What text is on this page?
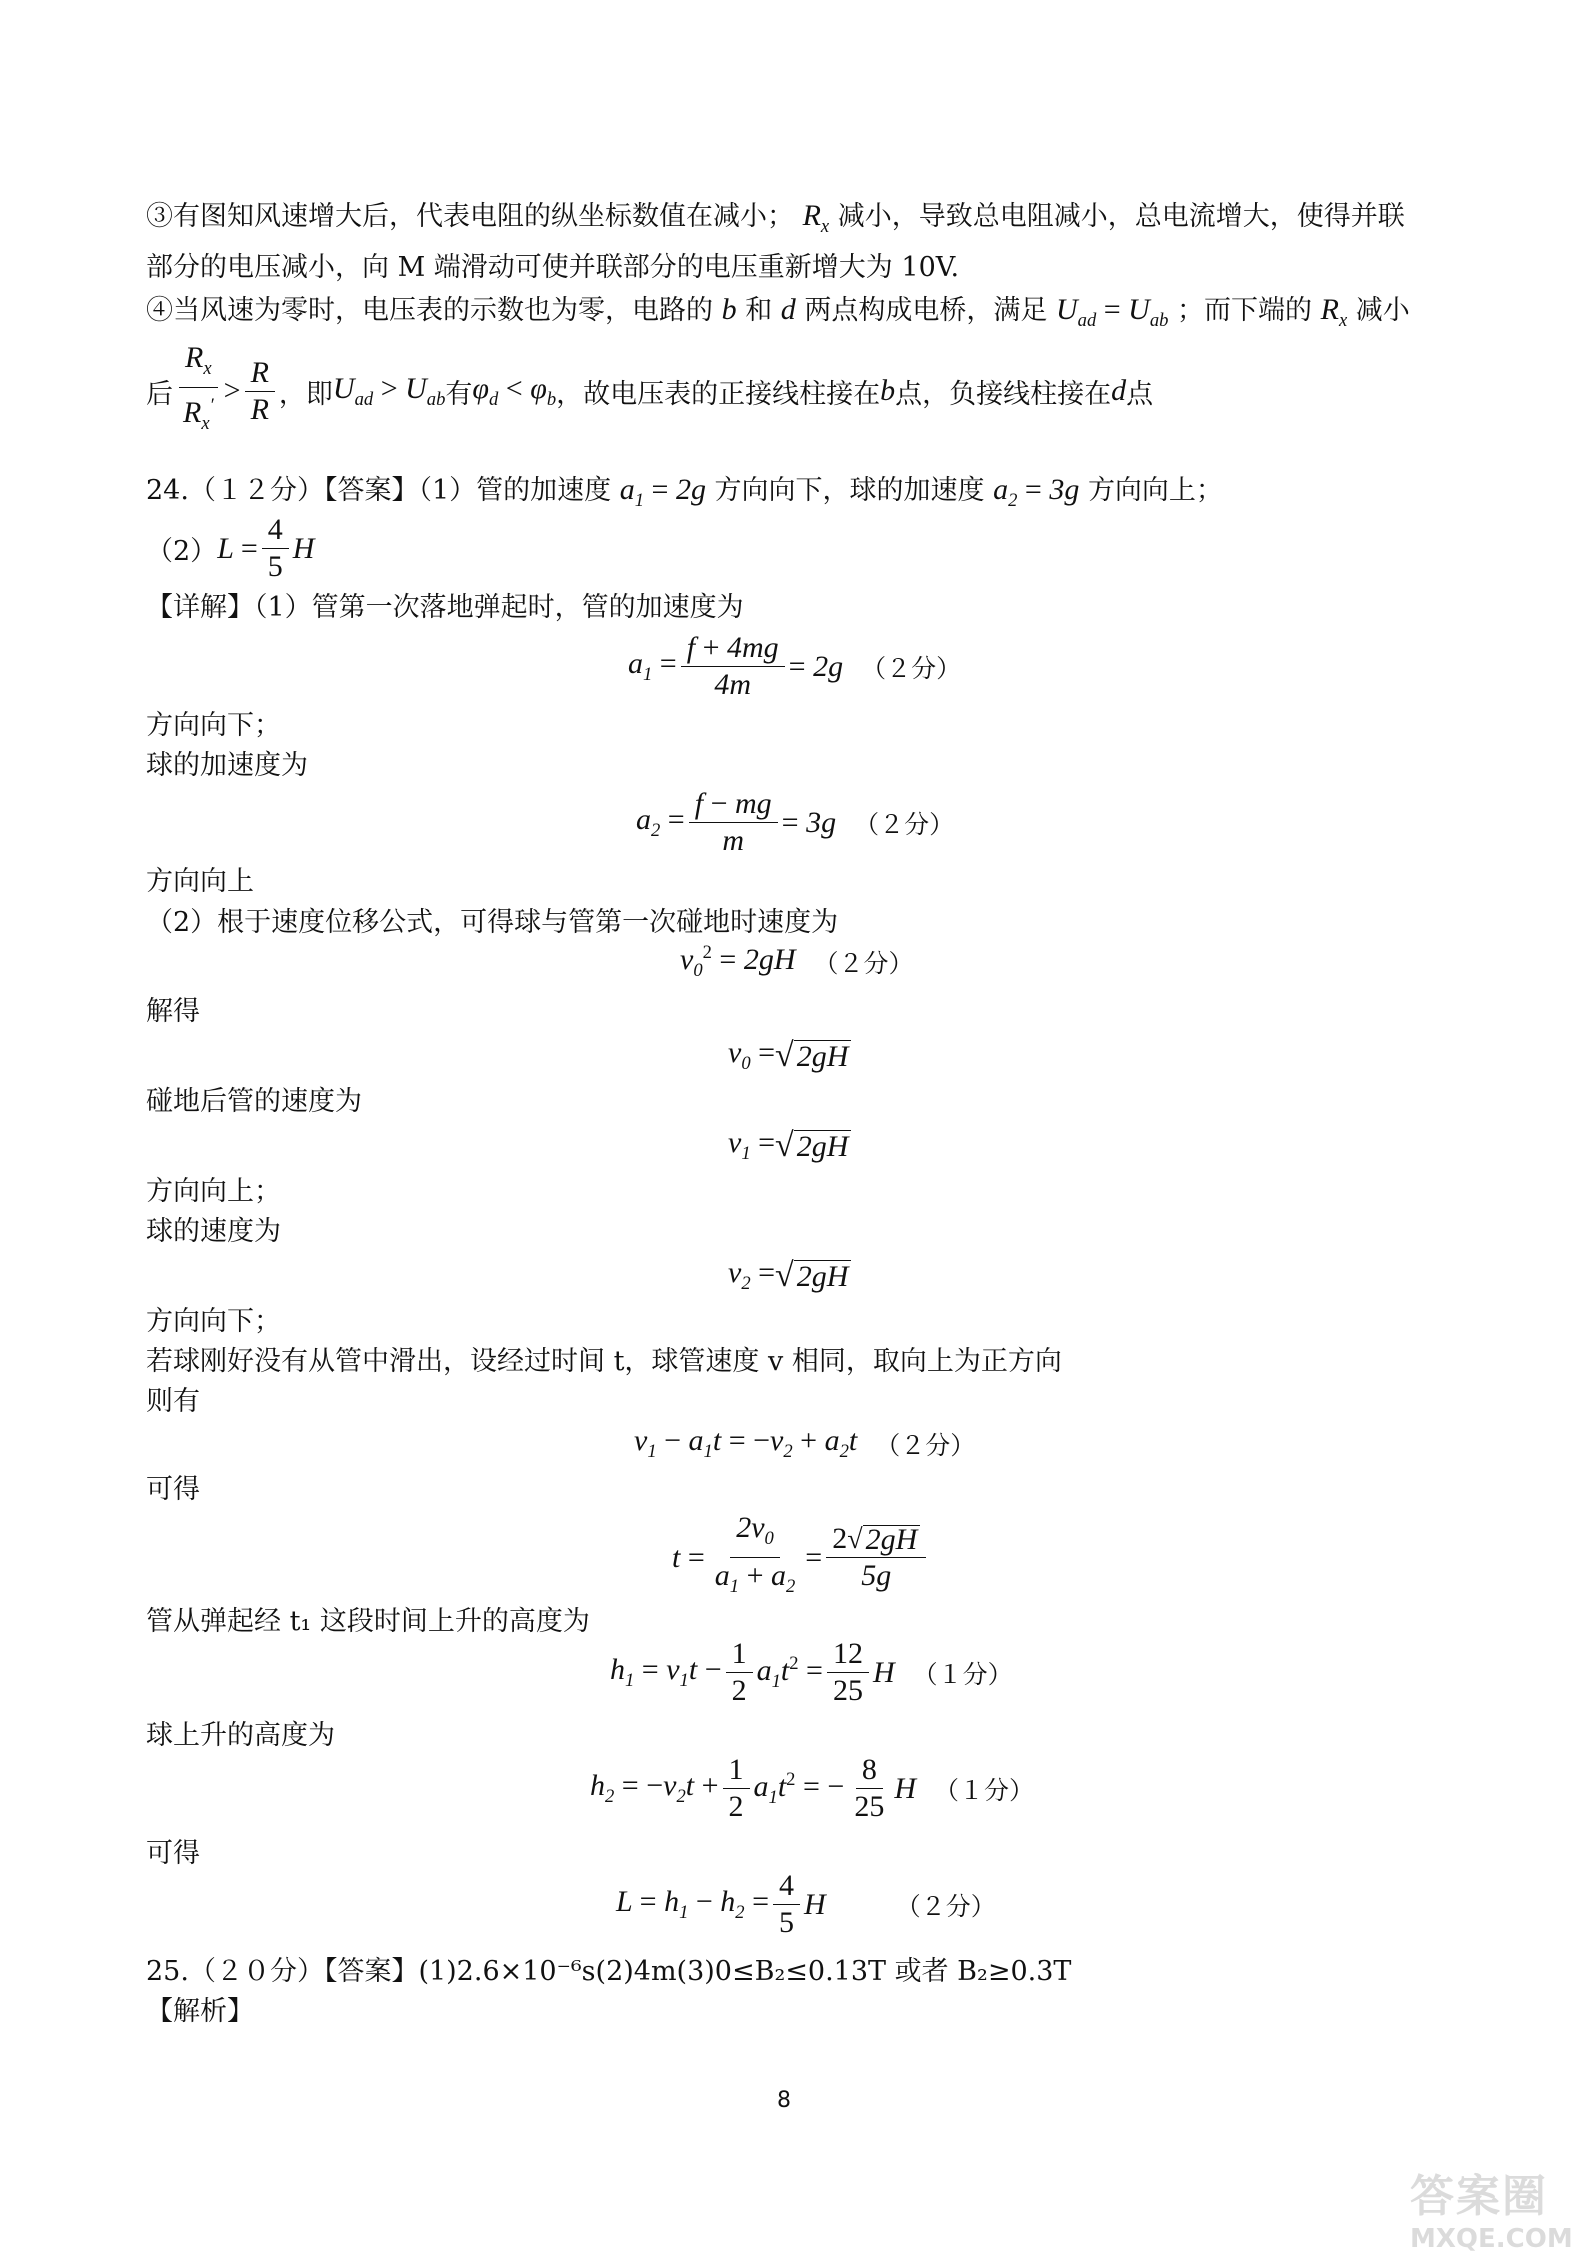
③有图知风速增大后，代表电阻的纵坐标数值在减小； $R_x$ 减小，导致总电阻减小，总电流增大，使得并联
部分的电压减小，向 M 端滑动可使并联部分的电压重新增大为 10V.
④当风速为零时，电压表的示数也为零，电路的 b 和 d 两点构成电桥，满足 $U_{ad} = U_{ab}$ ；而下端的 $R_x$ 减小
后 $\frac{R_x}{R_x'} > \frac{R}{R}$ ，即 $U_{ad} > U_{ab}$ 有 $\varphi_d < \varphi_b$ ，故电压表的正接线柱接在 b 点，负接线柱接在 d 点
24.（１２分）【答案】（1）管的加速度 $a_1 = 2g$ 方向向下，球的加速度 $a_2 = 3g$ 方向向上；
（2） $L = \frac{4}{5}$ H
【详解】（1）管第一次落地弹起时，管的加速度为
$a_1 = \frac{f + 4mg}{4m} = 2g$ （２分）
方向向下；
球的加速度为
$a_2 = \frac{f - mg}{m} = 3g$ （２分）
方向向上
（2）根于速度位移公式，可得球与管第一次碰地时速度为
$v_0^2 = 2gH$ （２分）
解得
$v_0$ = √ 2gH
碰地后管的速度为
$v_1$ = √ 2gH
方向向上；
球的速度为
$v_2$ = √ 2gH
方向向下；
若球刚好没有从管中滑出，设经过时间 t，球管速度 v 相同，取向上为正方向
则有
$v_1 - a_1t = -v_2 + a_2t$ （２分）
可得
$t = \frac{2v_0}{a_1 + a_2} = \frac{2 √ 2gH}{5g}$
管从弹起经 t₁ 这段时间上升的高度为
$h_1 = v_1t - \frac{1}{2} a_1t^2 = \frac{12}{25}$ H （１分）
球上升的高度为
$h_2 = -v_2t + \frac{1}{2} a_1t^2$ = − $\frac{8}{25}$ H （１分）
可得
$L = h_1 - h_2 = \frac{4}{5}$ H	（２分）
25.（２０分）【答案】(1)2.6×10⁻⁶s(2)4m(3)0≤B₂≤0.13T 或者 B₂≥0.3T
【解析】
8
答案圈
MXQE.COM
